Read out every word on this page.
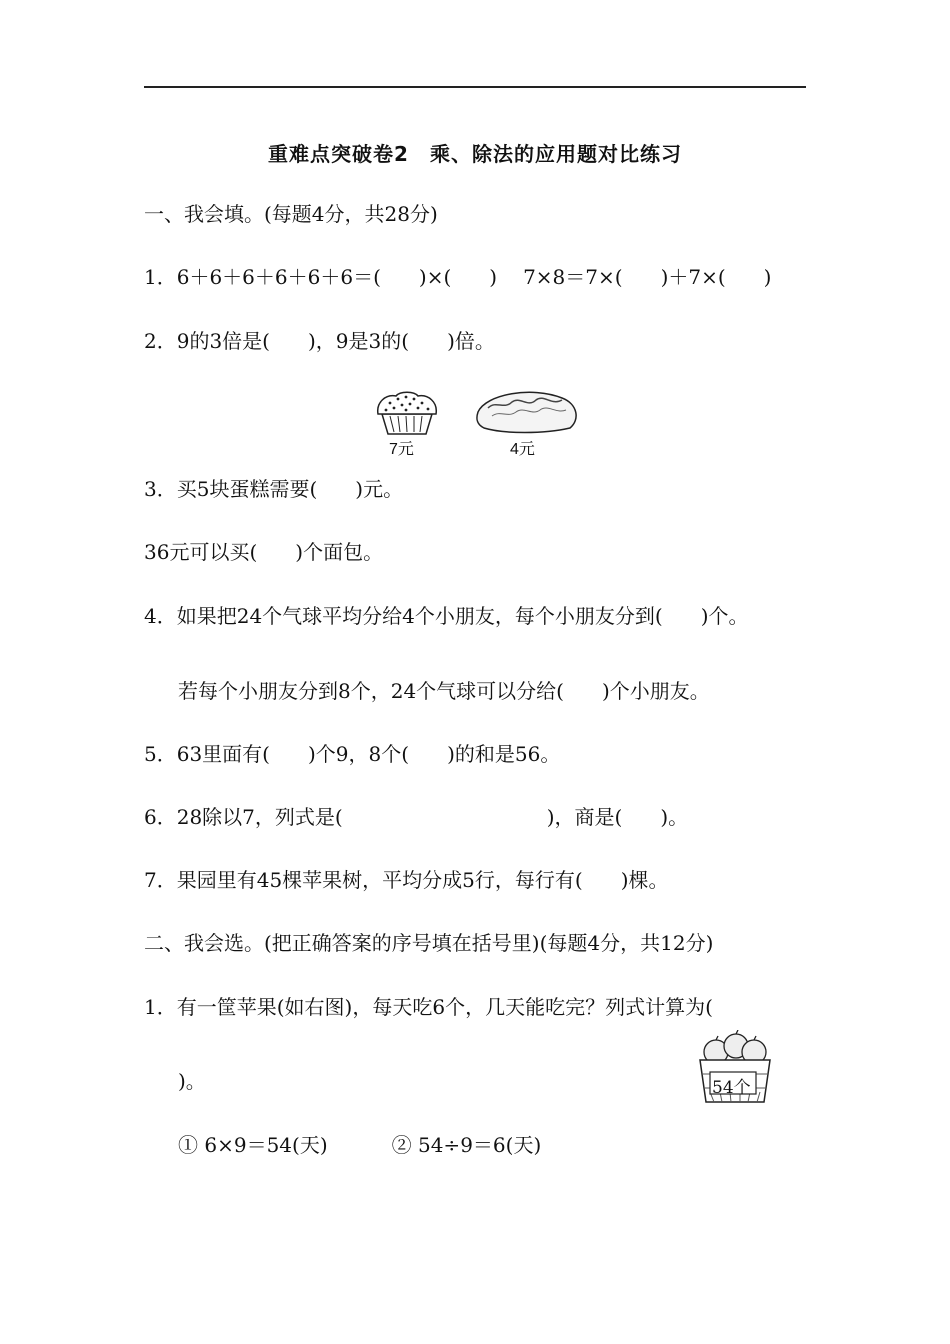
重难点突破卷2　乘、除法的应用题对比练习
一、我会填。(每题4分，共28分)
1．6＋6＋6＋6＋6＋6＝( )×( ) 7×8＝7×( )＋7×( )
2．9的3倍是( )，9是3的( )倍。
7元	4元
3．买5块蛋糕需要( )元。
36元可以买( )个面包。
4．如果把24个气球平均分给4个小朋友，每个小朋友分到( )个。
若每个小朋友分到8个，24个气球可以分给( )个小朋友。
5．63里面有( )个9，8个( )的和是56。
6．28除以7，列式是(	)，商是( )。
7．果园里有45棵苹果树，平均分成5行，每行有( )棵。
二、我会选。(把正确答案的序号填在括号里)(每题4分，共12分)
1．有一筐苹果(如右图)，每天吃6个，几天能吃完？列式计算为(
)。	54个
① 6×9＝54(天)	② 54÷9＝6(天)
